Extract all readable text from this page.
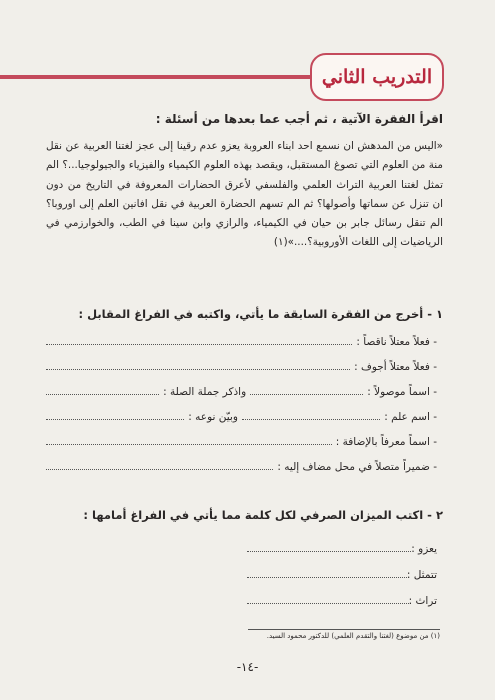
التدريب الثاني
اقرأ الفقرة الآتية ، ثم أجب عما بعدها من أسئلة :
«اليس من المدهش ان نسمع احد ابناء العروبة يعزو عدم رقينا إلى عجز لغتنا العربية عن نقل منة من العلوم التي تصوغ المستقبل، ويقصد بهذه العلوم الكيمياء والفيزياء والجيولوجيا...؟ الم تمثل لغتنا العربية التراث العلمي والفلسفي لأعرق الحضارات المعروفة في التاريخ من دون ان تنزل عن سماتها وأصولها؟ ثم الم تسهم الحضارة العربية في نقل افانين العلم إلى اوروبا؟ الم تنقل رسائل جابر بن حيان في الكيمياء، والرازي وابن سينا في الطب، والخوارزمي في الرياضيات إلى اللغات الأوروبية؟....»(١)
١ - أخرج من الفقرة السابقة ما يأتي، واكتبه في الفراغ المقابل :
- فعلاً معتلاً ناقصاً :
- فعلاً معتلاً أجوف :
- اسماً موصولاً :
واذكر جملة الصلة :
- اسم علم :
وبيّن نوعه :
- اسماً معرفاً بالإضافة :
- ضميراً متصلاً في محل مضاف إليه :
٢ - اكتب الميزان الصرفي لكل كلمة مما يأتي في الفراغ أمامها :
يعزو :
تتمثل :
تراث :
(١) من موضوع (لغتنا والتقدم العلمي) للدكتور محمود السيد.
-١٤-
